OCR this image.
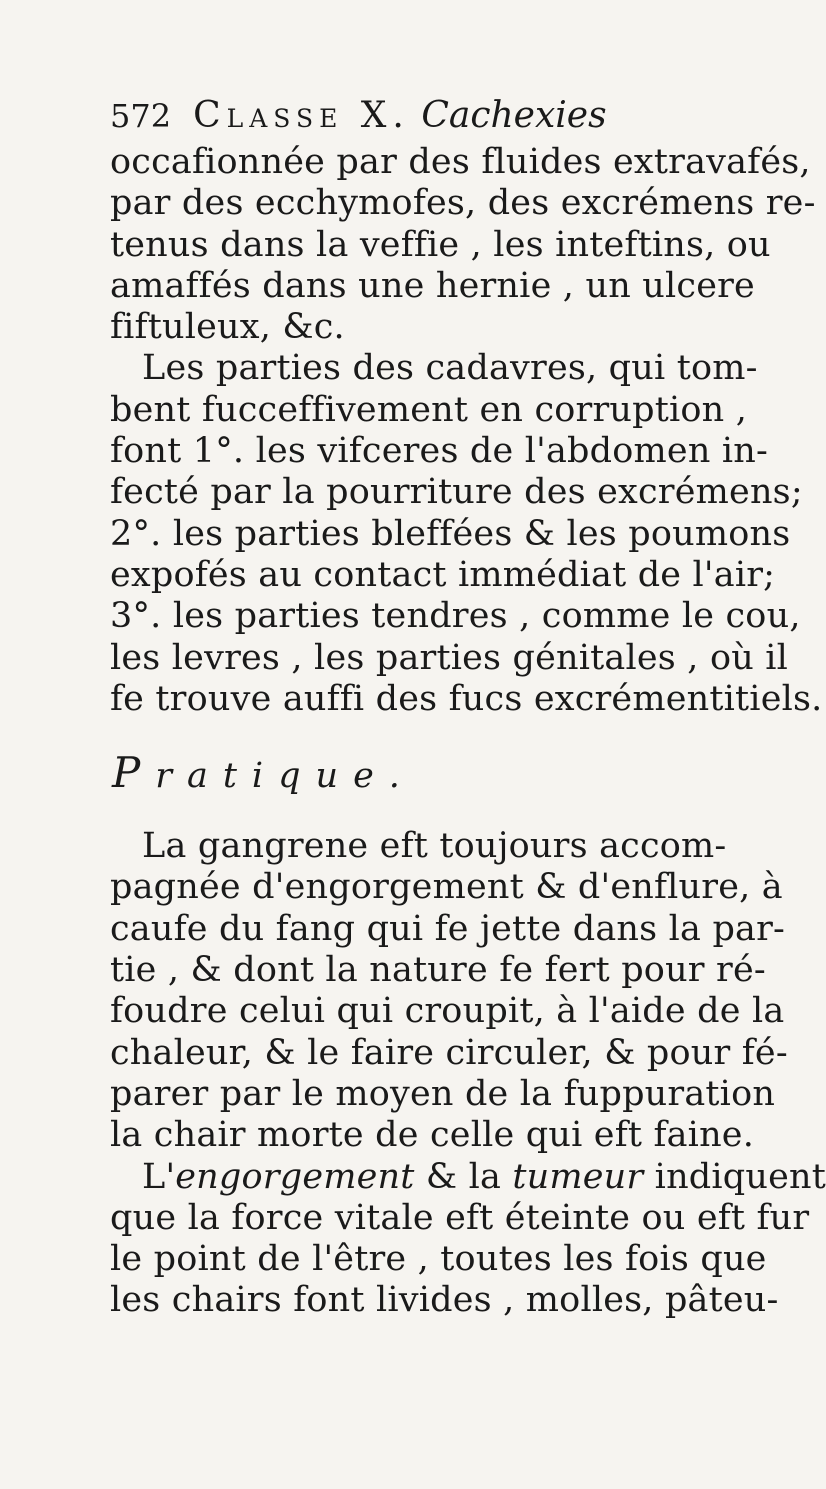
572 Classe X. Cachexies
occafionnée par des fluides extravafés,
par des ecchymofes, des excrémens re-
tenus dans la veffie , les inteftins, ou
amaffés dans une hernie , un ulcere
fiftuleux, &c.
Les parties des cadavres, qui tom-
bent fucceffivement en corruption ,
font 1°. les vifceres de l'abdomen in-
fecté par la pourriture des excrémens;
2°. les parties bleffées & les poumons
expofés au contact immédiat de l'air;
3°. les parties tendres , comme le cou,
les levres , les parties génitales , où il
fe trouve auffi des fucs excrémentitiels.
Pratique.
La gangrene eft toujours accom-
pagnée d'engorgement & d'enflure, à
caufe du fang qui fe jette dans la par-
tie , & dont la nature fe fert pour ré-
foudre celui qui croupit, à l'aide de la
chaleur, & le faire circuler, & pour fé-
parer par le moyen de la fuppuration
la chair morte de celle qui eft faine.
L'engorgement & la tumeur indiquent
que la force vitale eft éteinte ou eft fur
le point de l'être , toutes les fois que
les chairs font livides , molles, pâteu-
